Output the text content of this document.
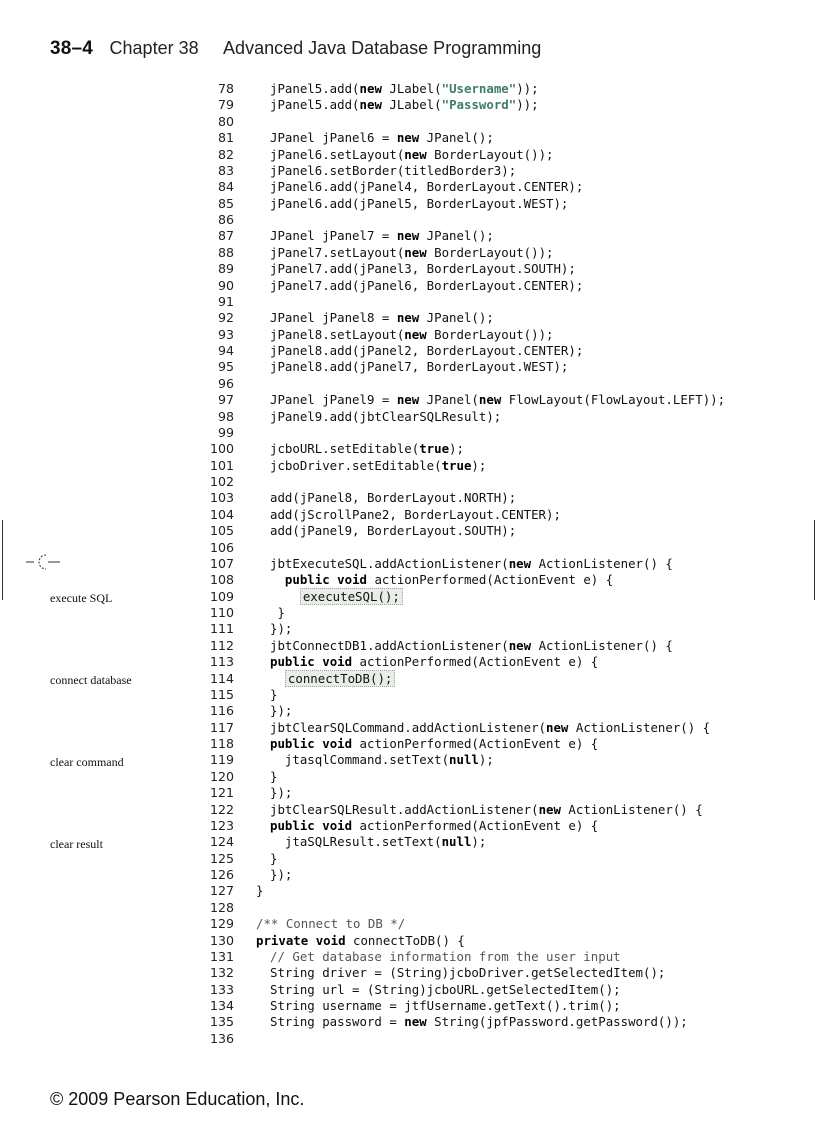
38–4 Chapter 38 Advanced Java Database Programming
78	jPanel5.add(new JLabel("Username"));
79	jPanel5.add(new JLabel("Password"));
80
81	JPanel jPanel6 = new JPanel();
82	jPanel6.setLayout(new BorderLayout());
83	jPanel6.setBorder(titledBorder3);
84	jPanel6.add(jPanel4, BorderLayout.CENTER);
85	jPanel6.add(jPanel5, BorderLayout.WEST);
86
87	JPanel jPanel7 = new JPanel();
88	jPanel7.setLayout(new BorderLayout());
89	jPanel7.add(jPanel3, BorderLayout.SOUTH);
90	jPanel7.add(jPanel6, BorderLayout.CENTER);
91
92	JPanel jPanel8 = new JPanel();
93	jPanel8.setLayout(new BorderLayout());
94	jPanel8.add(jPanel2, BorderLayout.CENTER);
95	jPanel8.add(jPanel7, BorderLayout.WEST);
96
97	JPanel jPanel9 = new JPanel(new FlowLayout(FlowLayout.LEFT));
98	jPanel9.add(jbtClearSQLResult);
99
100	jcboURL.setEditable(true);
101	jcboDriver.setEditable(true);
102
103	add(jPanel8, BorderLayout.NORTH);
104	add(jScrollPane2, BorderLayout.CENTER);
105	add(jPanel9, BorderLayout.SOUTH);
106
107	jbtExecuteSQL.addActionListener(new ActionListener() {
108	public void actionPerformed(ActionEvent e) {
109	executeSQL();
110	}
111	});
112	jbtConnectDB1.addActionListener(new ActionListener() {
113	public void actionPerformed(ActionEvent e) {
114	connectToDB();
115	}
116	});
117	jbtClearSQLCommand.addActionListener(new ActionListener() {
118	public void actionPerformed(ActionEvent e) {
119	jtasqlCommand.setText(null);
120	}
121	});
122	jbtClearSQLResult.addActionListener(new ActionListener() {
123	public void actionPerformed(ActionEvent e) {
124	jtaSQLResult.setText(null);
125	}
126	});
127 }
128
129 /** Connect to DB */
130 private void connectToDB() {
131	// Get database information from the user input
132	String driver = (String)jcboDriver.getSelectedItem();
133	String url = (String)jcboURL.getSelectedItem();
134	String username = jtfUsername.getText().trim();
135	String password = new String(jpfPassword.getPassword());
136
execute SQL
connect database
clear command
clear result
© 2009 Pearson Education, Inc.
